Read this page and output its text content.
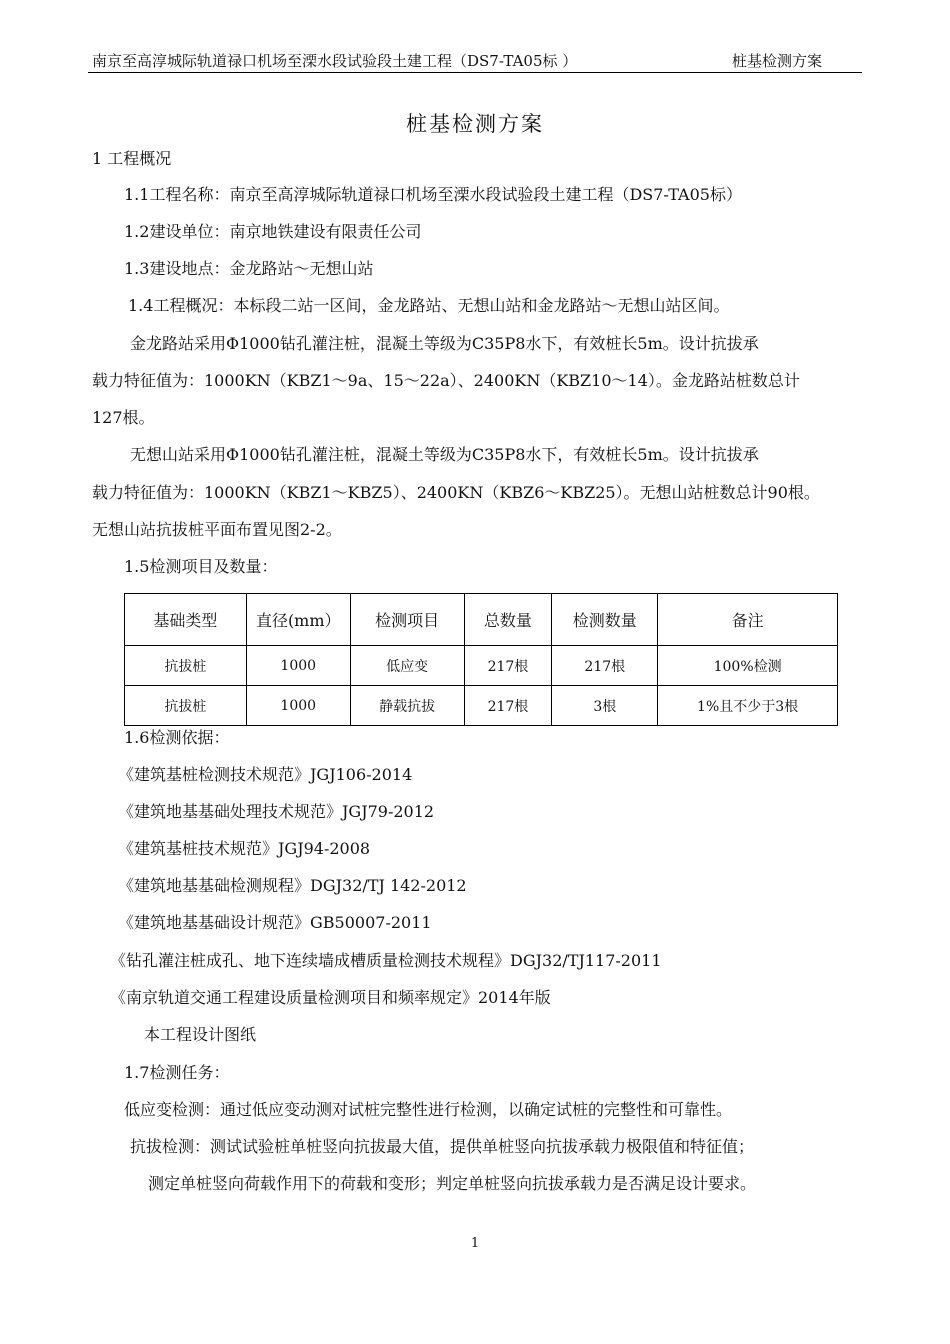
南京至高淳城际轨道禄口机场至溧水段试验段土建工程（DS7-TA05标 ）	桩基检测方案
桩基检测方案
1 工程概况
1.1工程名称：南京至高淳城际轨道禄口机场至溧水段试验段土建工程（DS7-TA05标）
1.2建设单位：南京地铁建设有限责任公司
1.3建设地点：金龙路站～无想山站
1.4工程概况：本标段二站一区间，金龙路站、无想山站和金龙路站～无想山站区间。
金龙路站采用Φ1000钻孔灌注桩，混凝土等级为C35P8水下，有效桩长5m。设计抗拔承
载力特征值为：1000KN（KBZ1～9a、15～22a）、2400KN（KBZ10～14）。金龙路站桩数总计
127根。
无想山站采用Φ1000钻孔灌注桩，混凝土等级为C35P8水下，有效桩长5m。设计抗拔承
载力特征值为：1000KN（KBZ1～KBZ5）、2400KN（KBZ6～KBZ25）。无想山站桩数总计90根。
无想山站抗拔桩平面布置见图2-2。
1.5检测项目及数量：
基础类型	直径(mm）	检测项目	总数量	检测数量	备注
抗拔桩	1000	低应变	217根	217根	100%检测
抗拔桩	1000	静载抗拔	217根	3根	1%且不少于3根
1.6检测依据：
《建筑基桩检测技术规范》JGJ106-2014
《建筑地基基础处理技术规范》JGJ79-2012
《建筑基桩技术规范》JGJ94-2008
《建筑地基基础检测规程》DGJ32/TJ 142-2012
《建筑地基基础设计规范》GB50007-2011
《钻孔灌注桩成孔、地下连续墙成槽质量检测技术规程》DGJ32/TJ117-2011
《南京轨道交通工程建设质量检测项目和频率规定》2014年版
本工程设计图纸
1.7检测任务：
低应变检测：通过低应变动测对试桩完整性进行检测，以确定试桩的完整性和可靠性。
抗拔检测：测试试验桩单桩竖向抗拔最大值，提供单桩竖向抗拔承载力极限值和特征值；
测定单桩竖向荷载作用下的荷载和变形；判定单桩竖向抗拔承载力是否满足设计要求。
1
